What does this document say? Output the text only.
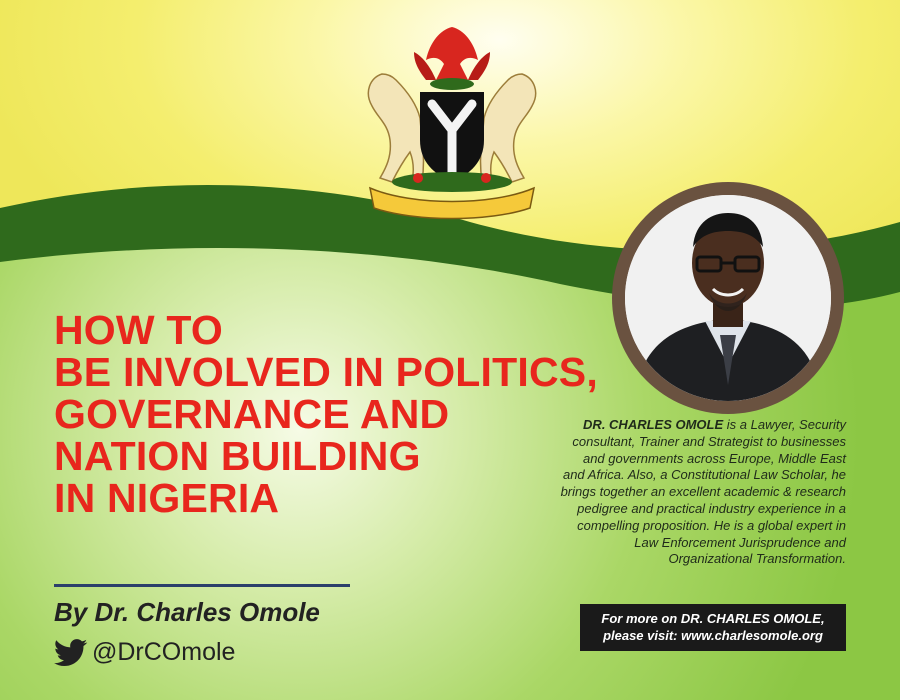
HOW TO
BE INVOLVED IN POLITICS,
GOVERNANCE AND
NATION BUILDING
IN NIGERIA
By Dr. Charles Omole
@DrCOmole
DR. CHARLES OMOLE is a Lawyer, Security consultant, Trainer and Strategist to businesses and governments across Europe, Middle East and Africa. Also, a Constitutional Law Scholar, he brings together an excellent academic & research pedigree and practical industry experience in a compelling proposition. He is a global expert in Law Enforcement Jurisprudence and Organizational Transformation.
For more on DR. CHARLES OMOLE,
please visit: www.charlesomole.org
